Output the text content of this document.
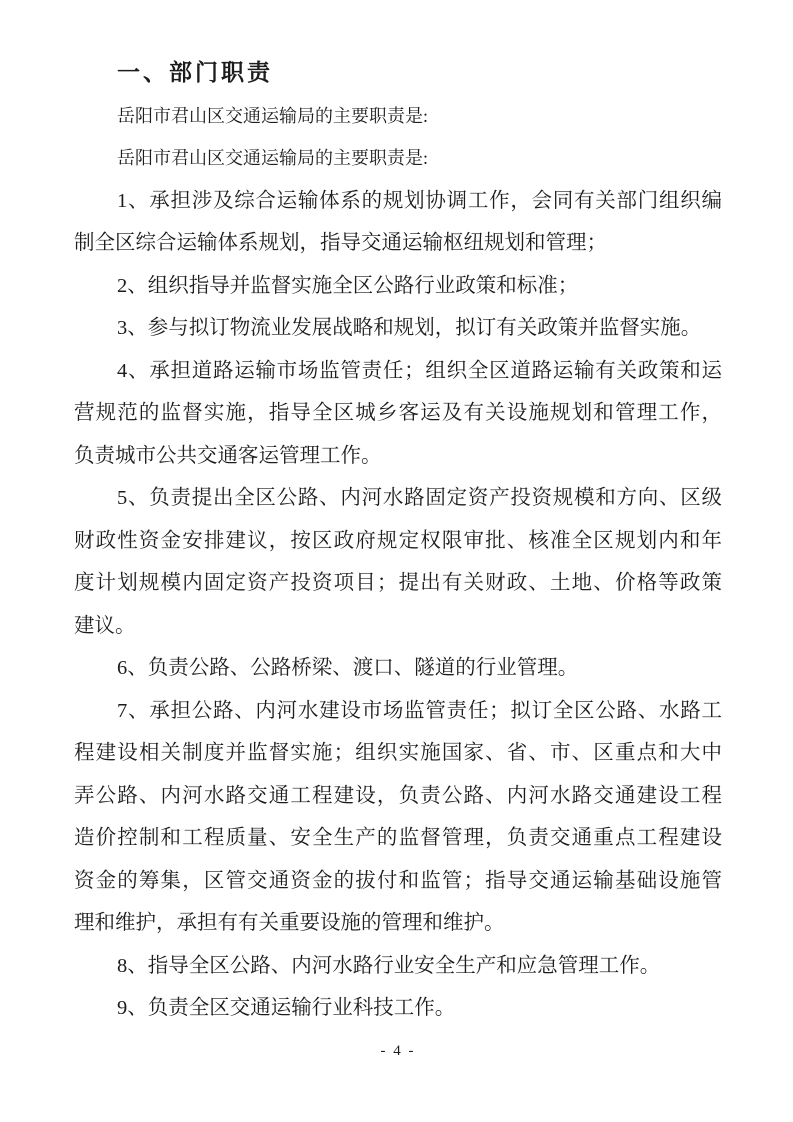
一、部门职责
岳阳市君山区交通运输局的主要职责是:
岳阳市君山区交通运输局的主要职责是:
1、承担涉及综合运输体系的规划协调工作，会同有关部门组织编
制全区综合运输体系规划，指导交通运输枢纽规划和管理；
2、组织指导并监督实施全区公路行业政策和标准；
3、参与拟订物流业发展战略和规划，拟订有关政策并监督实施。
4、承担道路运输市场监管责任；组织全区道路运输有关政策和运
营规范的监督实施，指导全区城乡客运及有关设施规划和管理工作，
负责城市公共交通客运管理工作。
5、负责提出全区公路、内河水路固定资产投资规模和方向、区级
财政性资金安排建议，按区政府规定权限审批、核准全区规划内和年
度计划规模内固定资产投资项目；提出有关财政、土地、价格等政策
建议。
6、负责公路、公路桥梁、渡口、隧道的行业管理。
7、承担公路、内河水建设市场监管责任；拟订全区公路、水路工
程建设相关制度并监督实施；组织实施国家、省、市、区重点和大中
弄公路、内河水路交通工程建设，负责公路、内河水路交通建设工程
造价控制和工程质量、安全生产的监督管理，负责交通重点工程建设
资金的筹集，区管交通资金的拔付和监管；指导交通运输基础设施管
理和维护，承担有有关重要设施的管理和维护。
8、指导全区公路、内河水路行业安全生产和应急管理工作。
9、负责全区交通运输行业科技工作。
- 4 -
